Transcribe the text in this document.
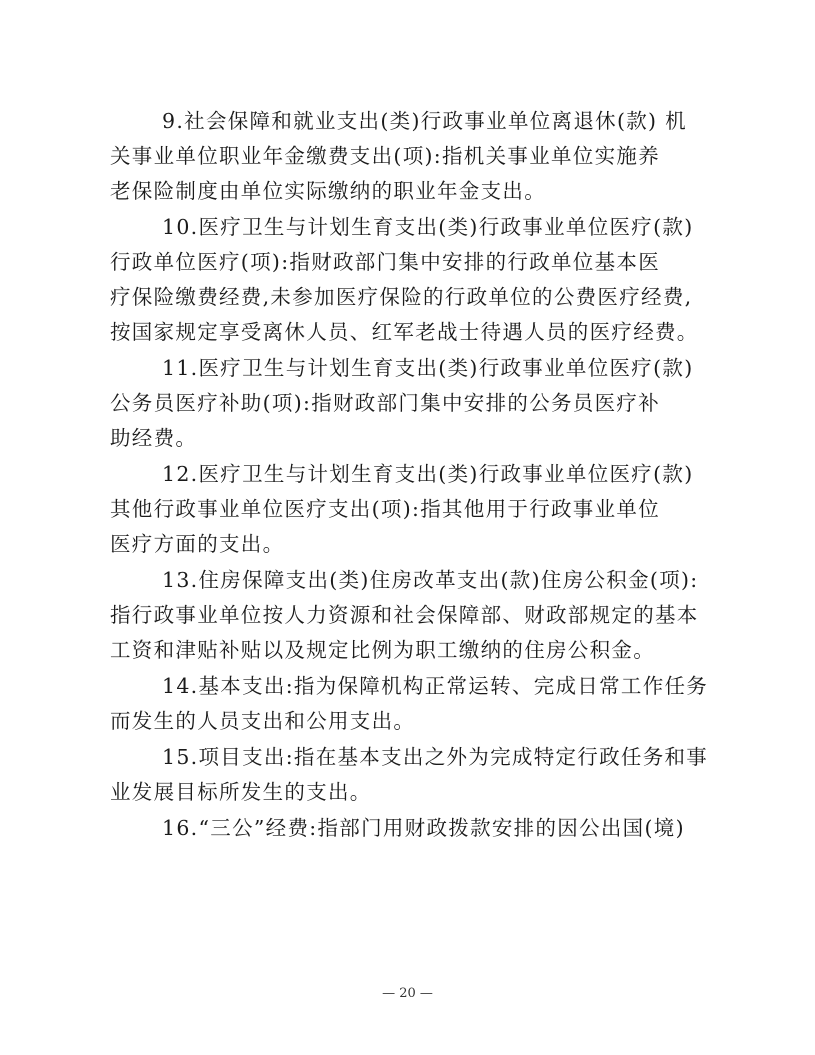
9.社会保障和就业支出(类)行政事业单位离退休(款) 机
关事业单位职业年金缴费支出(项):指机关事业单位实施养
老保险制度由单位实际缴纳的职业年金支出。

10.医疗卫生与计划生育支出(类)行政事业单位医疗(款)
行政单位医疗(项):指财政部门集中安排的行政单位基本医
疗保险缴费经费,未参加医疗保险的行政单位的公费医疗经费,
按国家规定享受离休人员、红军老战士待遇人员的医疗经费。

11.医疗卫生与计划生育支出(类)行政事业单位医疗(款)
公务员医疗补助(项):指财政部门集中安排的公务员医疗补
助经费。

12.医疗卫生与计划生育支出(类)行政事业单位医疗(款)
其他行政事业单位医疗支出(项):指其他用于行政事业单位
医疗方面的支出。

13.住房保障支出(类)住房改革支出(款)住房公积金(项):
指行政事业单位按人力资源和社会保障部、财政部规定的基本
工资和津贴补贴以及规定比例为职工缴纳的住房公积金。

14.基本支出:指为保障机构正常运转、完成日常工作任务
而发生的人员支出和公用支出。

15.项目支出:指在基本支出之外为完成特定行政任务和事
业发展目标所发生的支出。

16.“三公”经费:指部门用财政拨款安排的因公出国(境)

— 20 —
